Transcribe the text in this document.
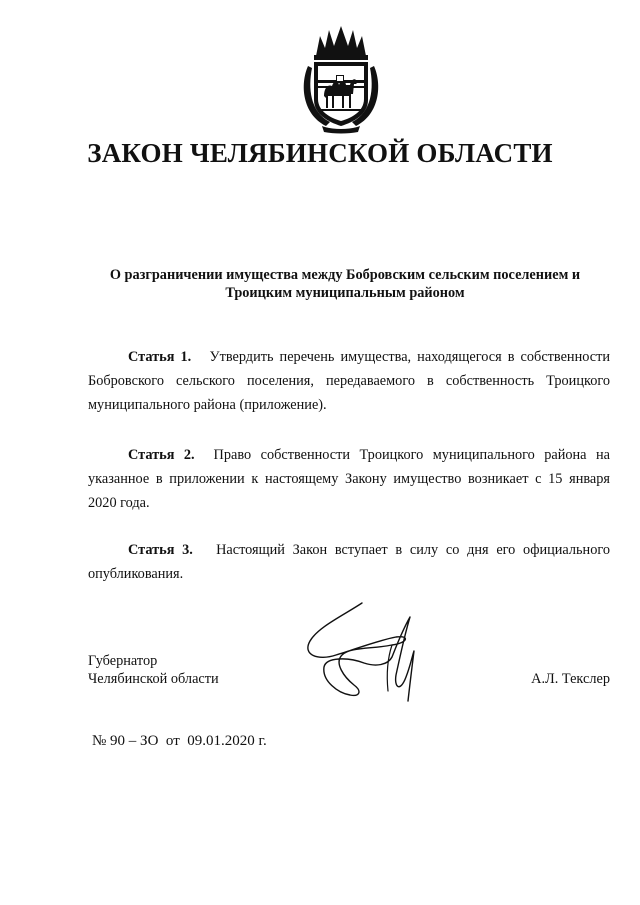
ЗАКОН ЧЕЛЯБИНСКОЙ ОБЛАСТИ
О разграничении имущества между Бобровским сельским поселением и
Троицким муниципальным районом

Статья 1. Утвердить перечень имущества, находящегося в собственности

Бобровского сельского поселения, передаваемого в собственность Троицкого муниципального района (приложение).

Статья 2. Право собственности Троицкого муниципального района на

указанное в приложении к настоящему Закону имущество возникает с 15 января 2020 года.

Статья 3. Настоящий Закон вступает в силу со дня его официального

опубликования.

Губернатор
Челябинской области	А.Л. Текслер
№ 90 – ЗО  от  09.01.2020 г.
